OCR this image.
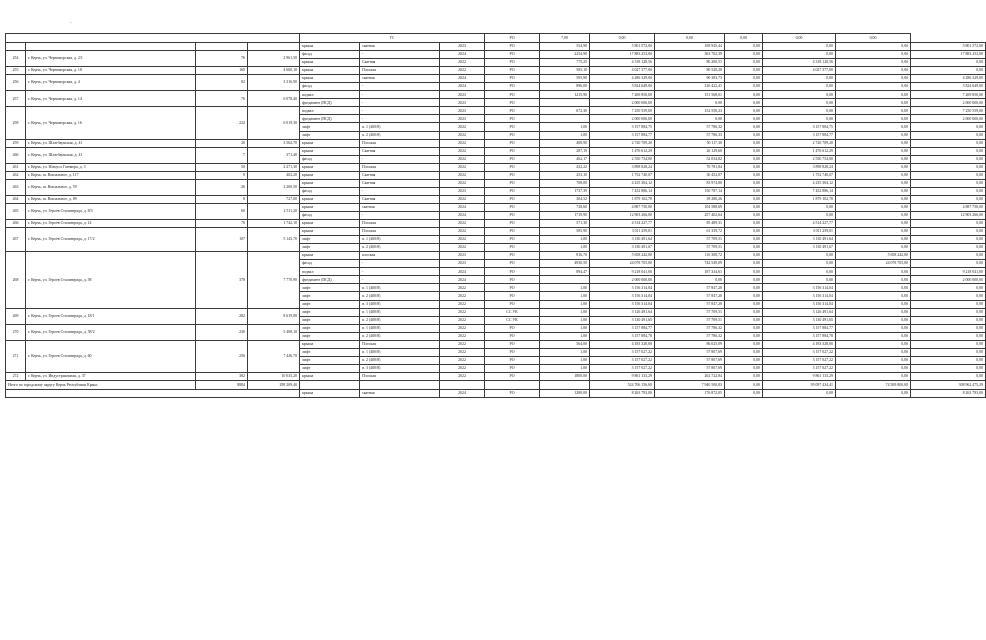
-
				ГС			РО	7,00	0,00	0,00	0,00	0,00	0,00	
				крыша	скатная	2023	РО	554,90	5 801 572,00	108 945,44	0,00	0,00	0,00	5 801 572,00
254	г. Керчь, ул. Черноморская, д. 2/1	76	2 961,50	фасад	-	2024	РО	2254,90	17 883 252,00	363 702,39	0,00	0,00	0,00	17 883 252,00
				крыша	Скатная	2022	РО	775,25	4 318 128,56	80 200,51	0,00	4 318 128,56	0,00	0,00
255	г. Керчь, ул. Черноморская, д. 18	160	4 600,10	крыша	Плоская	2022	РО	585,10	4 027 377,00	80 520,28	0,00	4 027 377,00	0,00	0,00
256	г. Керчь, ул. Черноморская, д. 4	82	3 316,90	крыша	скатная	2024	РО	585,90	4 286 329,00	90 383,73	0,00	0,00	0,00	4 286 329,00
				фасад	-	2024	РО	896,00	5 824 649,00	126 422,41	0,00	0,00	0,00	5 824 649,00
257	г. Керчь, ул. Черноморская, д. 14	76	6 078,40	подвал	-	2023	РО	1215,90	7 269 850,00	151 568,01	0,00	0,00	0,00	7 269 850,00
				фундамент (ПСД)	-	2023	РО		2 000 000,00	0,00	0,00	0,00	0,00	2 000 000,00
258	г. Керчь, ул. Черноморская, д. 16	222	6 019,30	подвал	-	2023	РО	672,30	7 250 559,00	152 550,23	0,00	0,00	0,00	7 250 559,00
				фундамент (ПСД)	-	2023	РО		2 000 000,00	0,00	0,00	0,00	0,00	2 000 000,00
				лифт	п. 1 (400/8)	2022	РО	1,00	3 157 884,75	57 786,32	0,00	3 157 884,75	0,00	0,00
				лифт	п. 2 (400/8)	2022	РО	1,00	3 157 884,77	57 786,33	0,00	3 157 884,77	0,00	0,00
259	г. Керчь, ул. Шлагбаумская, д. 41	20	3 562,70	крыша	Плоская	2022	РО	408,90	2 720 709,20	50 117,30	0,00	2 720 709,20	0,00	0,00
260	г. Керчь, ул. Шлагбаумская, д. 41	7	371,40	крыша	Скатная	2022	РО	287,19	1 476 612,29	26 129,60	0,00	1 476 612,29	0,00	0,00
				фасад	-	2022	РО	462,17	2 550 754,00	52 034,82	0,00	2 550 754,00	0,00	0,00
261	г. Керчь, ул. Юлиуса Гаенкера, д. 3	50	2 271,30	крыша	Плоская	2022	РО	432,22	3 898 828,24	70 781,84	0,00	3 898 828,24	0,00	0,00
262	г. Керчь, ш. Вокзальное, д. 117	0	402,20	крыша	Скатная	2022	РО	253,10	1 752 740,07	30 452,07	0,00	1 752 740,07	0,00	0,00
263	г. Керчь, ш. Вокзальное, д. 59	26	2 260,50	крыша	Скатная	2022	РО	708,00	4 235 304,12	83 974,80	0,00	4 235 304,12	0,00	0,00
				фасад	-	2023	РО	1737,39	7 452 886,14	150 787,14	0,00	7 452 886,14	0,00	0,00
264	г. Керчь, ш. Вокзальное, д. 89	8	727,00	крыша	Скатная	2022	РО	304,52	1 879 102,78	39 280,26	0,00	1 879 102,78	0,00	0,00
265	г. Керчь, ул. Героев Сталинграда, д. 8/3	60	2 511,20	крыша	скатная	2024	РО	738,60	4 887 750,00	104 588,69	0,00	0,00	0,00	4 887 750,00
				фасад	-	2024	РО	1719,90	12 903 266,00	257 402,64	0,00	0,00	0,00	12 903 266,00
266	г. Керчь, ул. Героев Сталинграда, д. 14	70	1 742,10	крыша	Плоская	2022	РО	571,30	4 514 227,77	85 489,31	0,00	4 514 227,77	0,00	0,00
267	г. Керчь, ул. Героев Сталинграда, д. 17/2	107	5 143,70	крыша	Плоская	2022	РО	585,90	3 011 259,01	61 339,72	0,00	3 011 259,01	0,00	0,00
				лифт	п. 1 (400/8)	2022	РО	1,00	3 130 491,64	57 709,51	0,00	3 130 491,64	0,00	0,00
				лифт	п. 2 (400/8)	2022	РО	1,00	3 130 491,67	57 709,51	0,00	3 130 491,67	0,00	0,00
268	г. Керчь, ул. Героев Сталинграда, д. 58	378	7 770,90	крыша	плоская	2023	РО	816,70	5 658 242,00	116 308,72	0,00	0,00	5 658 242,00	0,00
				фасад	-	2023	РО	4930,50	24 078 705,00	742 549,09	0,00	0,00	24 078 705,00	0,00
				подвал	-	2024	РО	894,47	9 218 041,00	187 334,61	0,00	0,00	0,00	9 218 041,00
				фундамент (ПСД)	-	2024	РО		2 000 000,00	0,00	0,00	0,00	0,00	2 000 000,00
				лифт	п. 1 (400/8)	2022	РО	1,00	3 156 314,04	57 847,20	0,00	3 156 314,04	0,00	0,00
				лифт	п. 2 (400/8)	2022	РО	1,00	3 156 314,04	57 847,20	0,00	3 156 314,04	0,00	0,00
				лифт	п. 3 (400/8)	2022	РО	1,00	3 156 314,04	57 847,20	0,00	3 156 314,04	0,00	0,00
269	г. Керчь, ул. Героев Сталинграда, д. 18/1	282	8 619,80	лифт	п. 1 (400/8)	2022	СС УК	1,00	3 126 491,64	57 709,51	0,00	3 126 491,64	0,00	0,00
				лифт	п. 2 (400/8)	2022	СС УК	1,00	3 130 491,65	57 709,51	0,00	3 130 491,65	0,00	0,00
270	г. Керчь, ул. Героев Сталинграда, д. 58/2	230	5 408,10	лифт	п. 1 (400/8)	2022	РО	1,00	3 157 884,77	57 786,32	0,00	3 157 884,77	0,00	0,00
				лифт	п. 2 (400/8)	2022	РО	1,00	3 157 884,78	57 786,32	0,00	3 157 884,78	0,00	0,00
271	г. Керчь, ул. Героев Сталинграда, д. 60	256	7 426,70	крыша	Плоская	2022	РО	564,00	4 183 328,00	86 025,09	0,00	4 183 328,00	0,00	0,00
				лифт	п. 1 (400/8)	2022	РО	1,00	3 157 027,22	57 807,69	0,00	3 157 027,22	0,00	0,00
				лифт	п. 2 (400/8)	2022	РО	1,00	3 157 027,22	57 807,69	0,00	3 157 027,22	0,00	0,00
				лифт	п. 3 (400/8)	2022	РО	1,00	3 157 027,22	57 807,69	0,00	3 157 027,22	0,00	0,00
272	г. Керчь, ул. Индустриальная, д. 37	382	10 035,20	крыша	Плоская	2022	РО	1800,00	9 861 133,29	202 722,84	0,00	9 861 133,29	0,00	0,00
Итого по городскому округу Керчь Республики Крым:		8884	298 209,40						524 706 156,00	7 940 500,83	0,00	95 097 434,41	74 509 800,00	308 962 475,29
				крыша	скатная	2024	РО	1280,00	8 263 793,00	176 872,05	0,00	0,00	0,00	8 263 793,00
